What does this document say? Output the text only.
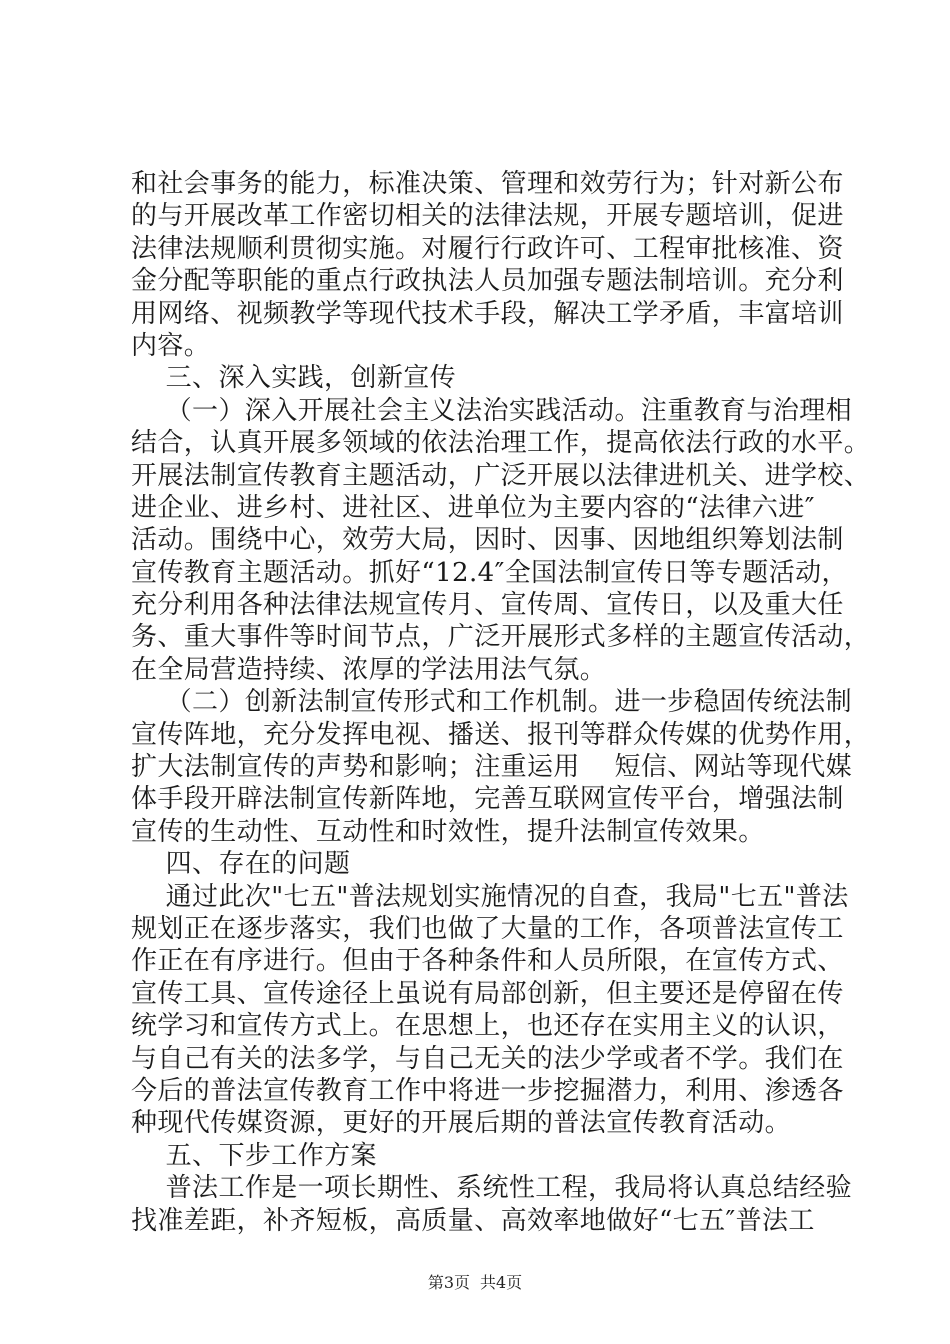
和社会事务的能力，标准决策、管理和效劳行为；针对新公布
的与开展改革工作密切相关的法律法规，开展专题培训，促进
法律法规顺利贯彻实施。对履行行政许可、工程审批核准、资
金分配等职能的重点行政执法人员加强专题法制培训。充分利
用网络、视频教学等现代技术手段，解决工学矛盾，丰富培训
内容。
三、深入实践，创新宣传
（一）深入开展社会主义法治实践活动。注重教育与治理相
结合，认真开展多领域的依法治理工作，提高依法行政的水平。
开展法制宣传教育主题活动，广泛开展以法律进机关、进学校、
进企业、进乡村、进社区、进单位为主要内容的“法律六进″
活动。围绕中心，效劳大局，因时、因事、因地组织筹划法制
宣传教育主题活动。抓好“12.4″全国法制宣传日等专题活动，
充分利用各种法律法规宣传月、宣传周、宣传日，以及重大任
务、重大事件等时间节点，广泛开展形式多样的主题宣传活动，
在全局营造持续、浓厚的学法用法气氛。
（二）创新法制宣传形式和工作机制。进一步稳固传统法制
宣传阵地，充分发挥电视、播送、报刊等群众传媒的优势作用，
扩大法制宣传的声势和影响；注重运用    短信、网站等现代媒
体手段开辟法制宣传新阵地，完善互联网宣传平台，增强法制
宣传的生动性、互动性和时效性，提升法制宣传效果。
四、存在的问题
通过此次"七五"普法规划实施情况的自查，我局"七五"普法
规划正在逐步落实，我们也做了大量的工作，各项普法宣传工
作正在有序进行。但由于各种条件和人员所限，在宣传方式、
宣传工具、宣传途径上虽说有局部创新，但主要还是停留在传
统学习和宣传方式上。在思想上，也还存在实用主义的认识，
与自己有关的法多学，与自己无关的法少学或者不学。我们在
今后的普法宣传教育工作中将进一步挖掘潜力，利用、渗透各
种现代传媒资源，更好的开展后期的普法宣传教育活动。
五、下步工作方案
普法工作是一项长期性、系统性工程，我局将认真总结经验
找准差距，补齐短板，高质量、高效率地做好“七五″普法工
第3页 共4页
